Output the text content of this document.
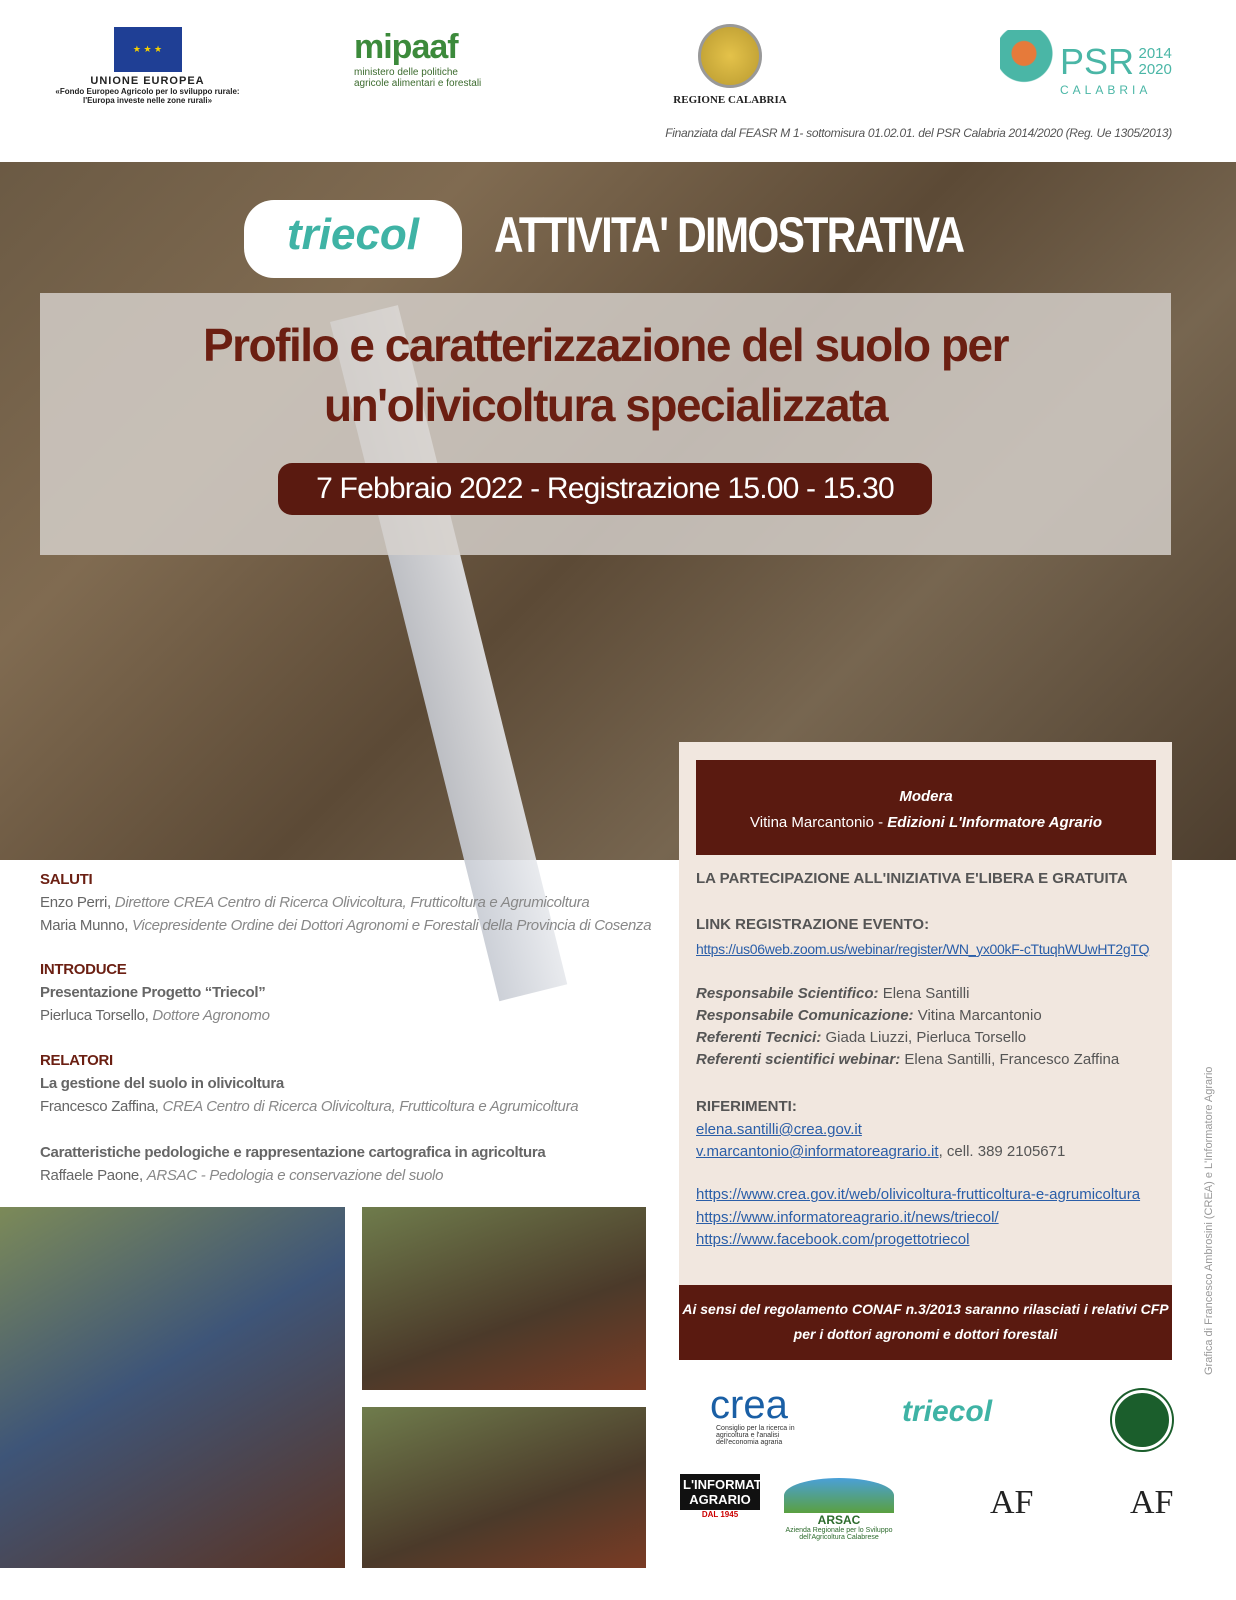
★ ★ ★
UNIONE EUROPEA
«Fondo Europeo Agricolo per lo sviluppo rurale:
l'Europa investe nelle zone rurali»
mipaaf
ministero delle politiche
agricole alimentari e forestali
REGIONE CALABRIA
PSR 2014
2020
CALABRIA
Finanziata dal FEASR M 1- sottomisura 01.02.01. del PSR Calabria 2014/2020 (Reg. Ue 1305/2013)
triecol	ATTIVITA' DIMOSTRATIVA
Profilo e caratterizzazione del suolo per
un'olivicoltura specializzata
7 Febbraio 2022 - Registrazione 15.00 - 15.30
SALUTI
Enzo Perri, Direttore CREA Centro di Ricerca Olivicoltura, Frutticoltura e Agrumicoltura
Maria Munno, Vicepresidente Ordine dei Dottori Agronomi e Forestali della Provincia di Cosenza
INTRODUCE
Presentazione Progetto “Triecol”
Pierluca Torsello, Dottore Agronomo
RELATORI
La gestione del suolo in olivicoltura
Francesco Zaffina, CREA Centro di Ricerca Olivicoltura, Frutticoltura e Agrumicoltura
Caratteristiche pedologiche e rappresentazione cartografica in agricoltura
Raffaele Paone, ARSAC - Pedologia e conservazione del suolo
Modera
Vitina Marcantonio - Edizioni L'Informatore Agrario
LA PARTECIPAZIONE ALL'INIZIATIVA E'LIBERA E GRATUITA
LINK REGISTRAZIONE EVENTO:
https://us06web.zoom.us/webinar/register/WN_yx00kF-cTtuqhWUwHT2gTQ
Responsabile Scientifico: Elena Santilli
Responsabile Comunicazione: Vitina Marcantonio
Referenti Tecnici: Giada Liuzzi, Pierluca Torsello
Referenti scientifici webinar: Elena Santilli, Francesco Zaffina
RIFERIMENTI:
elena.santilli@crea.gov.it
v.marcantonio@informatoreagrario.it, cell. 389 2105671
https://www.crea.gov.it/web/olivicoltura-frutticoltura-e-agrumicoltura
https://www.informatoreagrario.it/news/triecol/
https://www.facebook.com/progettotriecol
Ai sensi del regolamento CONAF n.3/2013 saranno rilasciati i relativi CFP
per i dottori agronomi e dottori forestali
crea
Consiglio per la ricerca in agricoltura e l'analisi dell'economia agraria
triecol
L'INFORMATORE AGRARIO
DAL 1945	ARSAC
Azienda Regionale per lo Sviluppo dell'Agricoltura Calabrese
AF	AF
Grafica di Francesco Ambrosini (CREA) e L'Informatore Agrario
